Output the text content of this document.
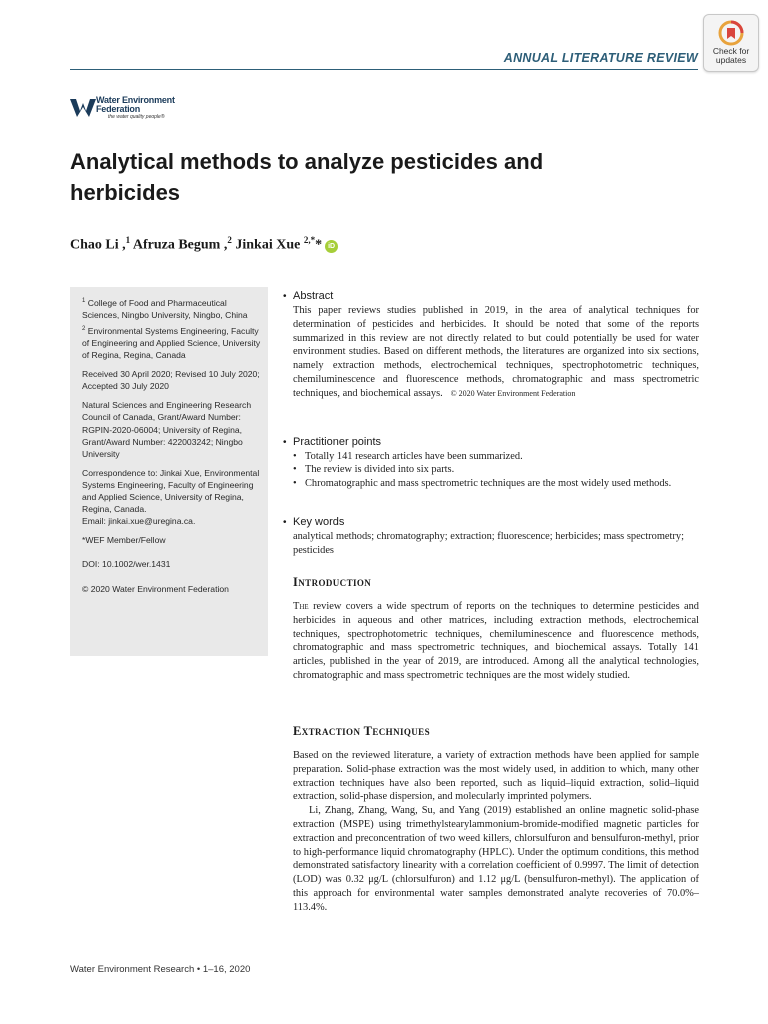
ANNUAL LITERATURE REVIEW	Check for updates
Water Environment Federation
the water quality people®
Analytical methods to analyze pesticides and herbicides
Chao Li ,$^1$ Afruza Begum ,$^2$ Jinkai Xue $^{2,*}$* iD

$^1$ College of Food and Pharmaceutical Sciences, Ningbo University, Ningbo, China

$^2$ Environmental Systems Engineering, Faculty of Engineering and Applied Science, University of Regina, Regina, Canada

Received 30 April 2020; Revised 10 July 2020; Accepted 30 July 2020

Natural Sciences and Engineering Research Council of Canada, Grant/Award Number: RGPIN-2020-06004; University of Regina, Grant/Award Number: 422003242; Ningbo University

Correspondence to: Jinkai Xue, Environmental Systems Engineering, Faculty of Engineering and Applied Science, University of Regina, Regina, Canada.

Email: jinkai.xue@uregina.ca.

*WEF Member/Fellow

DOI: 10.1002/wer.1431

© 2020 Water Environment Federation

• Abstract

This paper reviews studies published in 2019, in the area of analytical techniques for determination of pesticides and herbicides. It should be noted that some of the reports summarized in this review are not directly related to but could potentially be used for water environment studies. Based on different methods, the literatures are organized into six sections, namely extraction methods, electrochemical techniques, spectrophotometric techniques, chemiluminescence and fluorescence methods, chromatographic and mass spectrometric techniques, and biochemical assays. © 2020 Water Environment Federation

• Practitioner points
• Totally 141 research articles have been summarized.
• The review is divided into six parts.
• Chromatographic and mass spectrometric techniques are the most widely used methods.
• Key words

analytical methods; chromatography; extraction; fluorescence; herbicides; mass spectrometry; pesticides

Introduction

The review covers a wide spectrum of reports on the techniques to determine pesticides and herbicides in aqueous and other matrices, including extraction methods, electrochemical techniques, spectrophotometric techniques, chemiluminescence and fluorescence methods, chromatographic and mass spectrometric techniques, and biochemical assays. Totally 141 articles, published in the year of 2019, are introduced. Among all the analytical technologies, chromatographic and mass spectrometric techniques are the most widely studied.

Extraction Techniques

Based on the reviewed literature, a variety of extraction methods have been applied for sample preparation. Solid-phase extraction was the most widely used, in addition to which, many other extraction techniques have also been reported, such as liquid–liquid extraction, solid–liquid extraction, solid-phase dispersion, and molecularly imprinted polymers.

Li, Zhang, Zhang, Wang, Su, and Yang (2019) established an online magnetic solid-phase extraction (MSPE) using trimethylstearylammonium-bromide-modified magnetic particles for extraction and preconcentration of two weed killers, chlorsulfuron and bensulfuron-methyl, prior to high-performance liquid chromatography (HPLC). Under the optimum conditions, this method demonstrated satisfactory linearity with a correlation coefficient of 0.9997. The limit of detection (LOD) was 0.32 μg/L (chlorsulfuron) and 1.12 μg/L (bensulfuron-methyl). The application of this approach for environmental water samples demonstrated analyte recoveries of 70.0%–113.4%.

Water Environment Research • 1–16, 2020
